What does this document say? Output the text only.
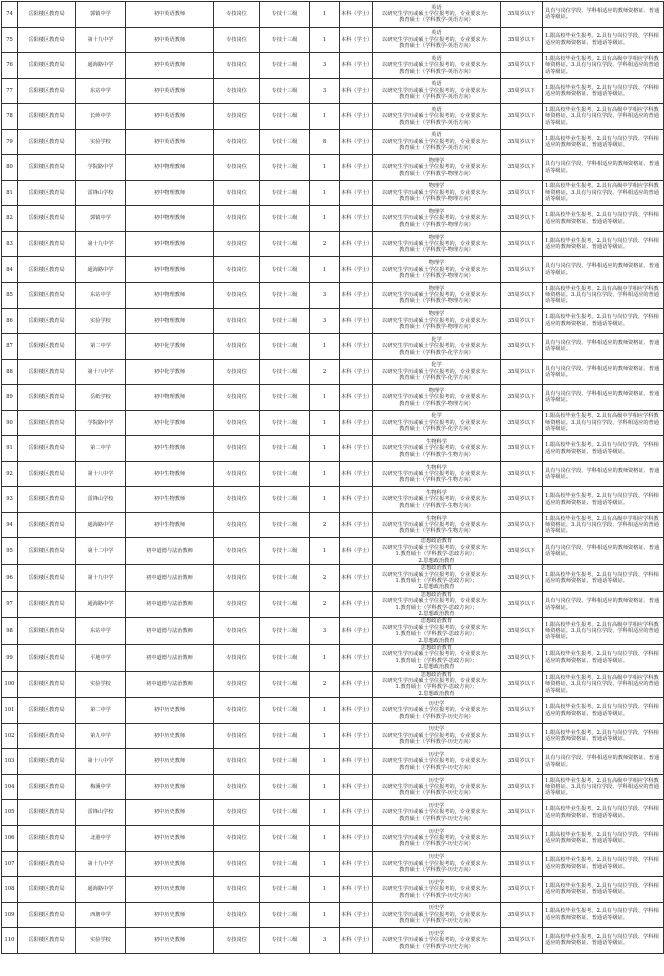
74	岳阳楼区教育局	郭镇中学	初中英语教师	专技岗位	专技十三级	1	本科（学士）	英语
以研究生学历或硕士学位报考的，专业要求为：
教育硕士（学科教学-英语方向）	35周岁以下	具有与岗位学段、学科相适应的教师资格证、普通话等级证。
75	岳阳楼区教育局	第十九中学	初中英语教师	专技岗位	专技十三级	1	本科（学士）	英语
以研究生学历或硕士学位报考的，专业要求为：
教育硕士（学科教学-英语方向）	35周岁以下	1.限高校毕业生报考。2.具有与岗位学段、学科相适应的教师资格证、普通话等级证。
76	岳阳楼区教育局	通海路中学	初中英语教师	专技岗位	专技十三级	3	本科（学士）	英语
以研究生学历或硕士学位报考的，专业要求为：
教育硕士（学科教学-英语方向）	35周岁以下	1.限高校毕业生报考。2.具有高级中学相应学科教师资格证。3.具有与岗位学段、学科相适应的普通话等级证。
77	岳阳楼区教育局	东站中学	初中英语教师	专技岗位	专技十三级	3	本科（学士）	英语
以研究生学历或硕士学位报考的，专业要求为：
教育硕士（学科教学-英语方向）	35周岁以下	1.限高校毕业生报考。2.具有与岗位学段、学科相适应的教师资格证、普通话等级证。
78	岳阳楼区教育局	长岭中学	初中英语教师	专技岗位	专技十三级	1	本科（学士）	英语
以研究生学历或硕士学位报考的，专业要求为：
教育硕士（学科教学-英语方向）	35周岁以下	1.限高校毕业生报考。2.具有高级中学相应学科教师资格证。3.具有与岗位学段、学科相适应的普通话等级证。
79	岳阳楼区教育局	实验学校	初中英语教师	专技岗位	专技十三级	8	本科（学士）	英语
以研究生学历或硕士学位报考的，专业要求为：
教育硕士（学科教学-英语方向）	35周岁以下	1.限高校毕业生报考。2.具有与岗位学段、学科相适应的教师资格证、普通话等级证。
80	岳阳楼区教育局	学院路中学	初中物理教师	专技岗位	专技十三级	1	本科（学士）	物理学
以研究生学历或硕士学位报考的，专业要求为：
教育硕士（学科教学-物理方向）	35周岁以下	具有与岗位学段、学科相适应的教师资格证、普通话等级证。
81	岳阳楼区教育局	雷锋山学校	初中物理教师	专技岗位	专技十三级	1	本科（学士）	物理学
以研究生学历或硕士学位报考的，专业要求为：
教育硕士（学科教学-物理方向）	35周岁以下	1.限高校毕业生报考。2.具有高级中学相应学科教师资格证。3.具有与岗位学段、学科相适应的普通话等级证。
82	岳阳楼区教育局	郭镇中学	初中物理教师	专技岗位	专技十三级	1	本科（学士）	物理学
以研究生学历或硕士学位报考的，专业要求为：
教育硕士（学科教学-物理方向）	35周岁以下	1.限高校毕业生报考。2.具有与岗位学段、学科相适应的教师资格证、普通话等级证。
83	岳阳楼区教育局	第十九中学	初中物理教师	专技岗位	专技十三级	2	本科（学士）	物理学
以研究生学历或硕士学位报考的，专业要求为：
教育硕士（学科教学-物理方向）	35周岁以下	1.限高校毕业生报考。2.具有与岗位学段、学科相适应的教师资格证、普通话等级证。
84	岳阳楼区教育局	通海路中学	初中物理教师	专技岗位	专技十三级	1	本科（学士）	物理学
以研究生学历或硕士学位报考的，专业要求为：
教育硕士（学科教学-物理方向）	35周岁以下	具有与岗位学段、学科相适应的教师资格证、普通话等级证。
85	岳阳楼区教育局	东站中学	初中物理教师	专技岗位	专技十三级	3	本科（学士）	物理学
以研究生学历或硕士学位报考的，专业要求为：
教育硕士（学科教学-物理方向）	35周岁以下	1.限高校毕业生报考。2.具有高级中学相应学科教师资格证。3.具有与岗位学段、学科相适应的普通话等级证。
86	岳阳楼区教育局	实验学校	初中物理教师	专技岗位	专技十三级	3	本科（学士）	物理学
以研究生学历或硕士学位报考的，专业要求为：
教育硕士（学科教学-物理方向）	35周岁以下	1.限高校毕业生报考。2.具有与岗位学段、学科相适应的教师资格证、普通话等级证。
87	岳阳楼区教育局	第二中学	初中化学教师	专技岗位	专技十三级	1	本科（学士）	化学
以研究生学历或硕士学位报考的，专业要求为：
教育硕士（学科教学-化学方向）	35周岁以下	具有与岗位学段、学科相适应的教师资格证、普通话等级证。
88	岳阳楼区教育局	第十八中学	初中化学教师	专技岗位	专技十三级	2	本科（学士）	化学
以研究生学历或硕士学位报考的，专业要求为：
教育硕士（学科教学-化学方向）	35周岁以下	具有与岗位学段、学科相适应的教师资格证、普通话等级证。
89	岳阳楼区教育局	岳纸学校	初中物理教师	专技岗位	专技十三级	1	本科（学士）	物理学
以研究生学历或硕士学位报考的，专业要求为：
教育硕士（学科教学-物理方向）	35周岁以下	具有与岗位学段、学科相适应的教师资格证、普通话等级证。
90	岳阳楼区教育局	学院路中学	初中化学教师	专技岗位	专技十三级	1	本科（学士）	化学
以研究生学历或硕士学位报考的，专业要求为：
教育硕士（学科教学-化学方向）	35周岁以下	1.限高校毕业生报考。2.具有高级中学相应学科教师资格证。3.具有与岗位学段、学科相适应的普通话等级证。
91	岳阳楼区教育局	第二中学	初中生物教师	专技岗位	专技十三级	1	本科（学士）	生物科学
以研究生学历或硕士学位报考的，专业要求为：
教育硕士（学科教学-生物方向）	35周岁以下	1.限高校毕业生报考。2.具有与岗位学段、学科相适应的教师资格证、普通话等级证。
92	岳阳楼区教育局	第十八中学	初中生物教师	专技岗位	专技十三级	1	本科（学士）	生物科学
以研究生学历或硕士学位报考的，专业要求为：
教育硕士（学科教学-生物方向）	35周岁以下	具有与岗位学段、学科相适应的教师资格证、普通话等级证。
93	岳阳楼区教育局	雷锋山学校	初中生物教师	专技岗位	专技十三级	1	本科（学士）	生物科学
以研究生学历或硕士学位报考的，专业要求为：
教育硕士（学科教学-生物方向）	35周岁以下	1.限高校毕业生报考。2.具有与岗位学段、学科相适应的教师资格证、普通话等级证。
94	岳阳楼区教育局	通海路中学	初中生物教师	专技岗位	专技十三级	2	本科（学士）	生物科学
以研究生学历或硕士学位报考的，专业要求为：
教育硕士（学科教学-生物方向）	35周岁以下	1.限高校毕业生报考。2.具有高级中学相应学科教师资格证。3.具有与岗位学段、学科相适应的普通话等级证。
95	岳阳楼区教育局	第十二中学	初中道德与法治教师	专技岗位	专技十三级	1	本科（学士）	思想政治教育
以研究生学历或硕士学位报考的，专业要求为：
1.教育硕士（学科教学-思政方向）；
2.思想政治教育	35周岁以下	具有与岗位学段、学科相适应的教师资格证、普通话等级证。
96	岳阳楼区教育局	第十九中学	初中道德与法治教师	专技岗位	专技十三级	2	本科（学士）	思想政治教育
以研究生学历或硕士学位报考的，专业要求为：
1.教育硕士（学科教学-思政方向）；
2.思想政治教育	35周岁以下	1.限高校毕业生报考。2.具有与岗位学段、学科相适应的教师资格证、普通话等级证。
97	岳阳楼区教育局	通海路中学	初中道德与法治教师	专技岗位	专技十三级	2	本科（学士）	思想政治教育
以研究生学历或硕士学位报考的，专业要求为：
1.教育硕士（学科教学-思政方向）；
2.思想政治教育	35周岁以下	具有与岗位学段、学科相适应的教师资格证、普通话等级证。
98	岳阳楼区教育局	东站中学	初中道德与法治教师	专技岗位	专技十三级	3	本科（学士）	思想政治教育
以研究生学历或硕士学位报考的，专业要求为：
1.教育硕士（学科教学-思政方向）；
2.思想政治教育	35周岁以下	1.限高校毕业生报考。2.具有高级中学相应学科教师资格证。3.具有与岗位学段、学科相适应的普通话等级证。
99	岳阳楼区教育局	平地中学	初中道德与法治教师	专技岗位	专技十三级	1	本科（学士）	思想政治教育
以研究生学历或硕士学位报考的，专业要求为：
1.教育硕士（学科教学-思政方向）；
2.思想政治教育	35周岁以下	1.限高校毕业生报考。2.具有与岗位学段、学科相适应的教师资格证、普通话等级证。
100	岳阳楼区教育局	实验学校	初中道德与法治教师	专技岗位	专技十三级	2	本科（学士）	思想政治教育
以研究生学历或硕士学位报考的，专业要求为：
1.教育硕士（学科教学-思政方向）；
2.思想政治教育	35周岁以下	1.限高校毕业生报考。2.具有高级中学相应学科教师资格证。3.具有与岗位学段、学科相适应的普通话等级证。
101	岳阳楼区教育局	第二中学	初中历史教师	专技岗位	专技十三级	1	本科（学士）	历史学
以研究生学历或硕士学位报考的，专业要求为：
教育硕士（学科教学-历史方向）	35周岁以下	1.限高校毕业生报考。2.具有与岗位学段、学科相适应的教师资格证、普通话等级证。
102	岳阳楼区教育局	第九中学	初中历史教师	专技岗位	专技十三级	1	本科（学士）	历史学
以研究生学历或硕士学位报考的，专业要求为：
教育硕士（学科教学-历史方向）	35周岁以下	1.限高校毕业生报考。2.具有与岗位学段、学科相适应的教师资格证、普通话等级证。
103	岳阳楼区教育局	第十八中学	初中历史教师	专技岗位	专技十三级	1	本科（学士）	历史学
以研究生学历或硕士学位报考的，专业要求为：
教育硕士（学科教学-历史方向）	35周岁以下	具有与岗位学段、学科相适应的教师资格证、普通话等级证。
104	岳阳楼区教育局	梅溪中学	初中历史教师	专技岗位	专技十三级	1	本科（学士）	历史学
以研究生学历或硕士学位报考的，专业要求为：
教育硕士（学科教学-历史方向）	35周岁以下	1.限高校毕业生报考。2.具有高级中学相应学科教师资格证。3.具有与岗位学段、学科相适应的普通话等级证。
105	岳阳楼区教育局	雷锋山学校	初中历史教师	专技岗位	专技十三级	1	本科（学士）	历史学
以研究生学历或硕士学位报考的，专业要求为：
教育硕士（学科教学-历史方向）	35周岁以下	1.限高校毕业生报考。2.具有与岗位学段、学科相适应的教师资格证、普通话等级证。
106	岳阳楼区教育局	北港中学	初中历史教师	专技岗位	专技十三级	1	本科（学士）	历史学
以研究生学历或硕士学位报考的，专业要求为：
教育硕士（学科教学-历史方向）	35周岁以下	1.限高校毕业生报考。2.具有与岗位学段、学科相适应的教师资格证、普通话等级证。
107	岳阳楼区教育局	第十九中学	初中历史教师	专技岗位	专技十三级	1	本科（学士）	历史学
以研究生学历或硕士学位报考的，专业要求为：
教育硕士（学科教学-历史方向）	35周岁以下	1.限高校毕业生报考。2.具有与岗位学段、学科相适应的教师资格证、普通话等级证。
108	岳阳楼区教育局	通海路中学	初中历史教师	专技岗位	专技十三级	1	本科（学士）	历史学
以研究生学历或硕士学位报考的，专业要求为：
教育硕士（学科教学-历史方向）	35周岁以下	1.限高校毕业生报考。2.具有与岗位学段、学科相适应的教师资格证、普通话等级证。
109	岳阳楼区教育局	西塘中学	初中历史教师	专技岗位	专技十三级	1	本科（学士）	历史学
以研究生学历或硕士学位报考的，专业要求为：
教育硕士（学科教学-历史方向）	35周岁以下	1.限高校毕业生报考。2.具有与岗位学段、学科相适应的教师资格证、普通话等级证。
110	岳阳楼区教育局	实验学校	初中历史教师	专技岗位	专技十三级	3	本科（学士）	历史学
以研究生学历或硕士学位报考的，专业要求为：
教育硕士（学科教学-历史方向）	35周岁以下	1.限高校毕业生报考。2.具有与岗位学段、学科相适应的教师资格证、普通话等级证。
